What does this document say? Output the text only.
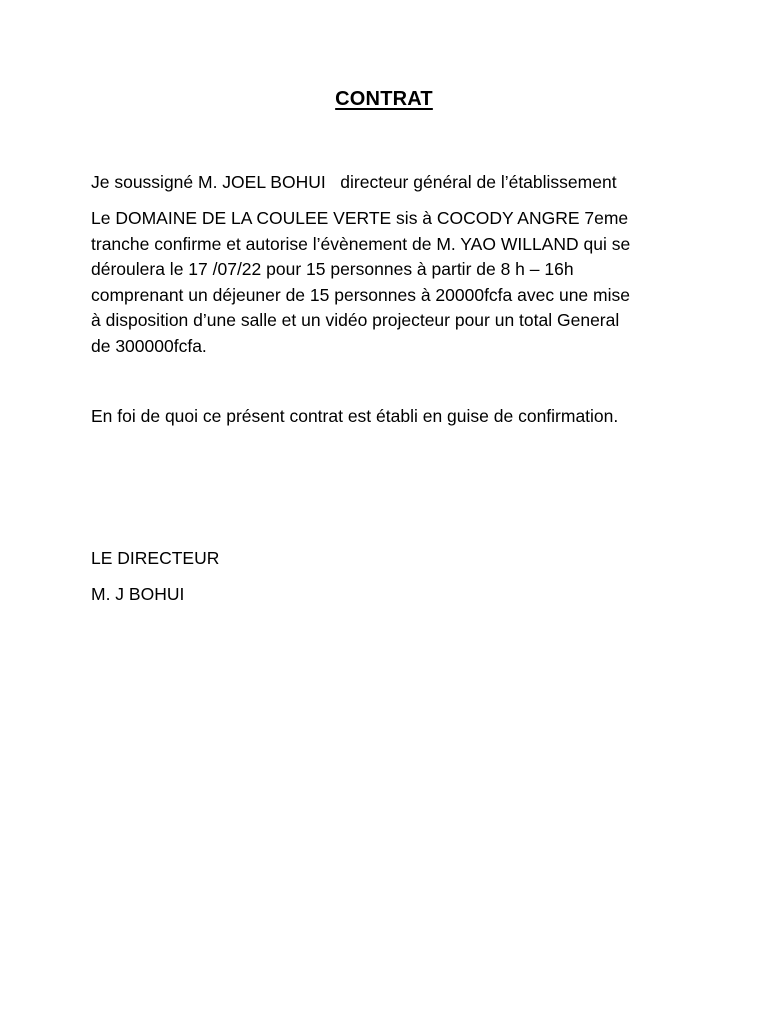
CONTRAT
Je soussigné M. JOEL BOHUI   directeur général de l’établissement
Le DOMAINE DE LA COULEE VERTE sis à COCODY ANGRE 7eme
tranche confirme et autorise l’évènement de M. YAO WILLAND qui se
déroulera le 17 /07/22 pour 15 personnes à partir de 8 h – 16h
comprenant un déjeuner de 15 personnes à 20000fcfa avec une mise
à disposition d’une salle et un vidéo projecteur pour un total General
de 300000fcfa.
En foi de quoi ce présent contrat est établi en guise de confirmation.
LE DIRECTEUR
M. J BOHUI
